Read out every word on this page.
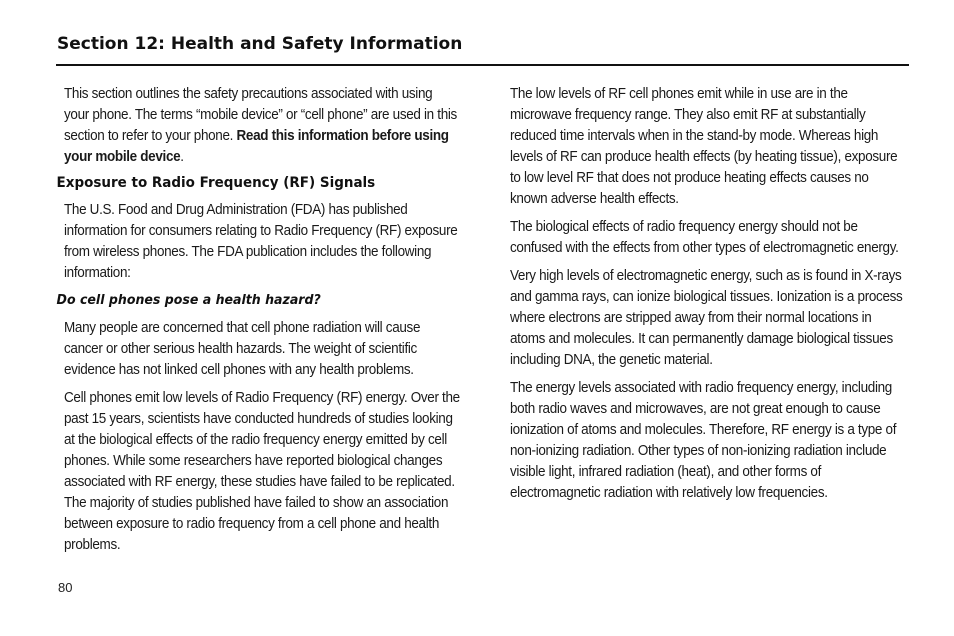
Section 12: Health and Safety Information

This section outlines the safety precautions associated with using your phone. The terms “mobile device” or “cell phone” are used in this section to refer to your phone. Read this information before using your mobile device.

Exposure to Radio Frequency (RF) Signals

The U.S. Food and Drug Administration (FDA) has published information for consumers relating to Radio Frequency (RF) exposure from wireless phones. The FDA publication includes the following information:

Do cell phones pose a health hazard?

Many people are concerned that cell phone radiation will cause cancer or other serious health hazards. The weight of scientific evidence has not linked cell phones with any health problems.

Cell phones emit low levels of Radio Frequency (RF) energy. Over the past 15 years, scientists have conducted hundreds of studies looking at the biological effects of the radio frequency energy emitted by cell phones. While some researchers have reported biological changes associated with RF energy, these studies have failed to be replicated. The majority of studies published have failed to show an association between exposure to radio frequency from a cell phone and health problems.

The low levels of RF cell phones emit while in use are in the microwave frequency range. They also emit RF at substantially reduced time intervals when in the stand-by mode. Whereas high levels of RF can produce health effects (by heating tissue), exposure to low level RF that does not produce heating effects causes no known adverse health effects.

The biological effects of radio frequency energy should not be confused with the effects from other types of electromagnetic energy.

Very high levels of electromagnetic energy, such as is found in X-rays and gamma rays, can ionize biological tissues. Ionization is a process where electrons are stripped away from their normal locations in atoms and molecules. It can permanently damage biological tissues including DNA, the genetic material.

The energy levels associated with radio frequency energy, including both radio waves and microwaves, are not great enough to cause ionization of atoms and molecules. Therefore, RF energy is a type of non-ionizing radiation. Other types of non-ionizing radiation include visible light, infrared radiation (heat), and other forms of electromagnetic radiation with relatively low frequencies.

80
